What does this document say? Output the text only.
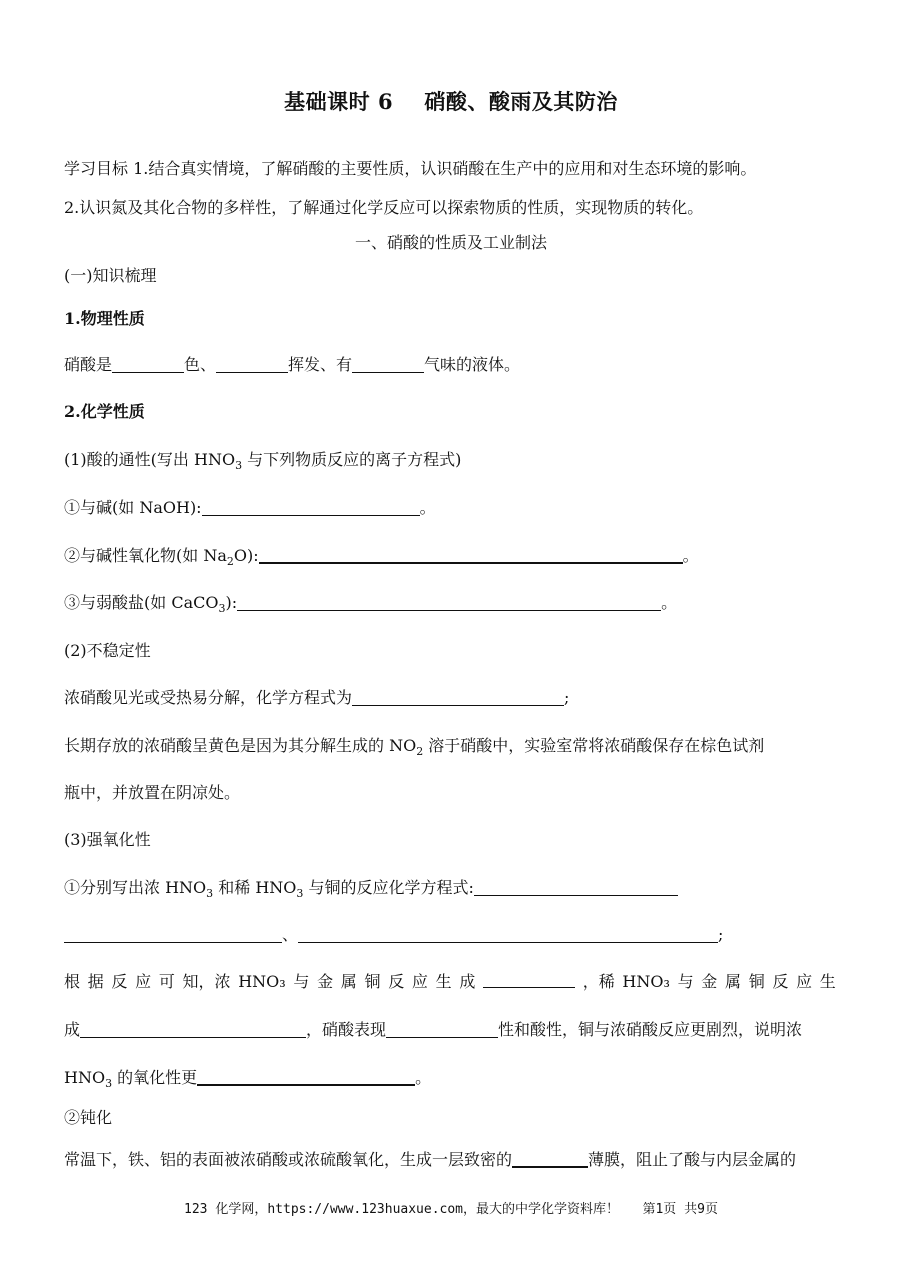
基础课时 6    硝酸、酸雨及其防治
学习目标 1.结合真实情境，了解硝酸的主要性质，认识硝酸在生产中的应用和对生态环境的影响。
2.认识氮及其化合物的多样性，了解通过化学反应可以探索物质的性质，实现物质的转化。
一、硝酸的性质及工业制法
(一)知识梳理
1.物理性质
硝酸是	色、	挥发、有	气味的液体。
2.化学性质
(1)酸的通性(写出 $HNO_3$ 与下列物质反应的离子方程式)
①与碱(如 NaOH):	。
②与碱性氧化物(如 $Na_2O$):	。
③与弱酸盐(如 CaCO$_3$):	。
(2)不稳定性
浓硝酸见光或受热易分解，化学方程式为	;
长期存放的浓硝酸呈黄色是因为其分解生成的 $NO_2$ 溶于硝酸中，实验室常将浓硝酸保存在棕色试剂
瓶中，并放置在阴凉处。
(3)强氧化性
①分别写出浓 $HNO_3$ 和稀 $HNO_3$ 与铜的反应化学方程式:
、	;
根 据 反 应 可 知，浓 HNO₃ 与 金 属 铜 反 应 生 成	，稀 HNO₃ 与 金 属 铜 反 应 生
成	，硝酸表现	性和酸性，铜与浓硝酸反应更剧烈，说明浓
$HNO_3$ 的氧化性更	。
②钝化
常温下，铁、铝的表面被浓硝酸或浓硫酸氧化，生成一层致密的	薄膜，阻止了酸与内层金属的
123 化学网，https://www.123huaxue.com，最大的中学化学资料库！   第1页 共9页
